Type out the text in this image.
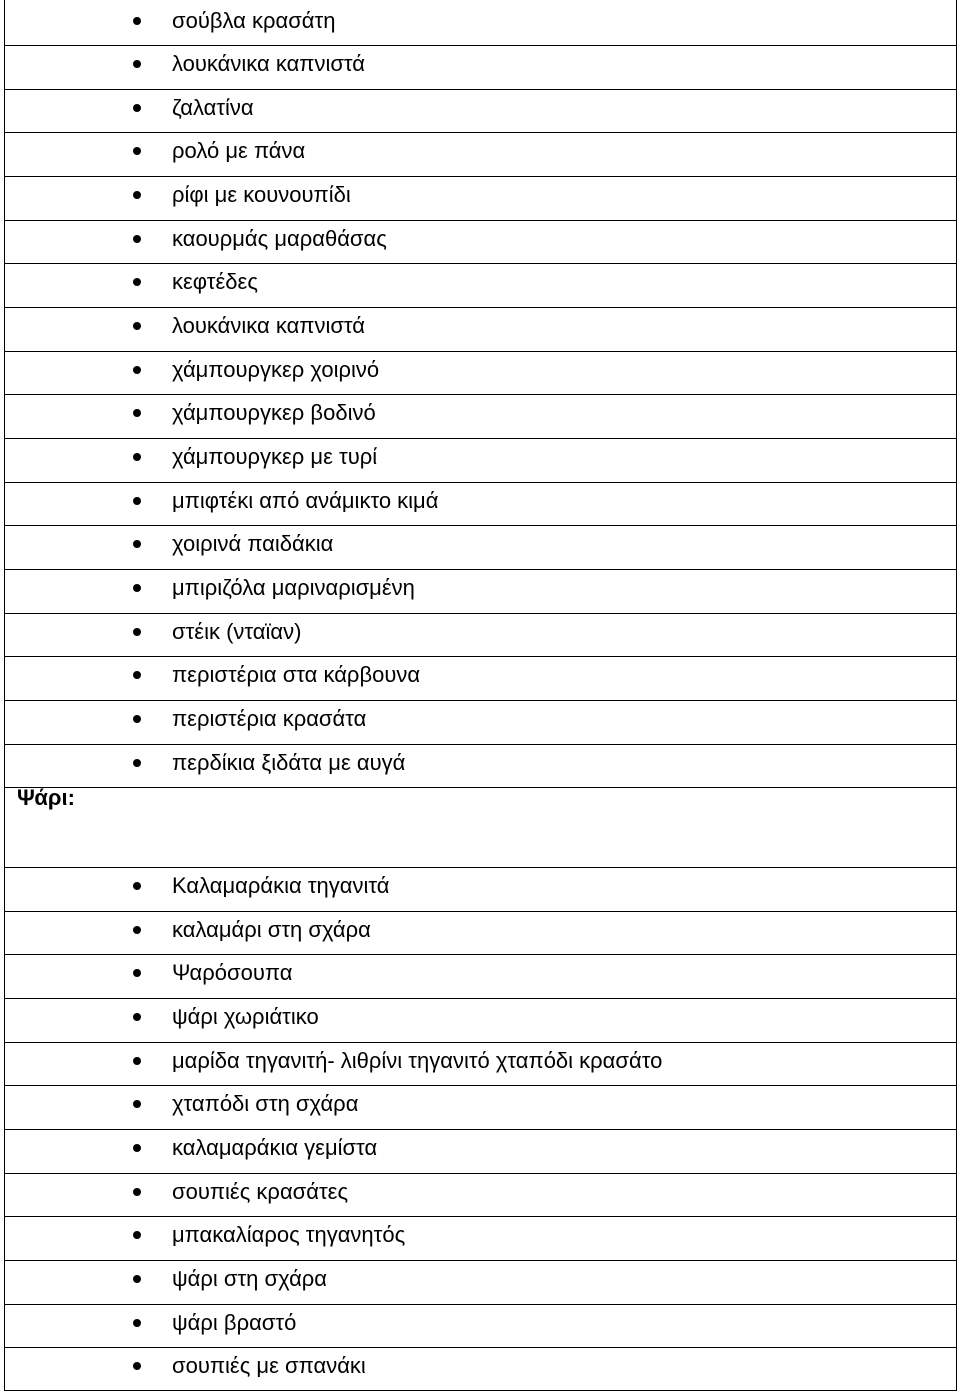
σούβλα κρασάτη
λουκάνικα καπνιστά
ζαλατίνα
ρολό με πάνα
ρίφι με κουνουπίδι
καουρμάς μαραθάσας
κεφτέδες
λουκάνικα καπνιστά
χάμπουργκερ χοιρινό
χάμπουργκερ βοδινό
χάμπουργκερ με τυρί
μπιφτέκι από ανάμικτο κιμά
χοιρινά παιδάκια
μπιριζόλα μαριναρισμένη
στέικ (νταϊαν)
περιστέρια στα κάρβουνα
περιστέρια κρασάτα
περδίκια ξιδάτα με αυγά
Ψάρι:
Καλαμαράκια τηγανιτά
καλαμάρι στη σχάρα
Ψαρόσουπα
ψάρι χωριάτικο
μαρίδα τηγανιτή- λιθρίνι τηγανιτό χταπόδι κρασάτο
χταπόδι στη σχάρα
καλαμαράκια γεμίστα
σουπιές κρασάτες
μπακαλίαρος τηγανητός
ψάρι στη σχάρα
ψάρι βραστό
σουπιές με σπανάκι
